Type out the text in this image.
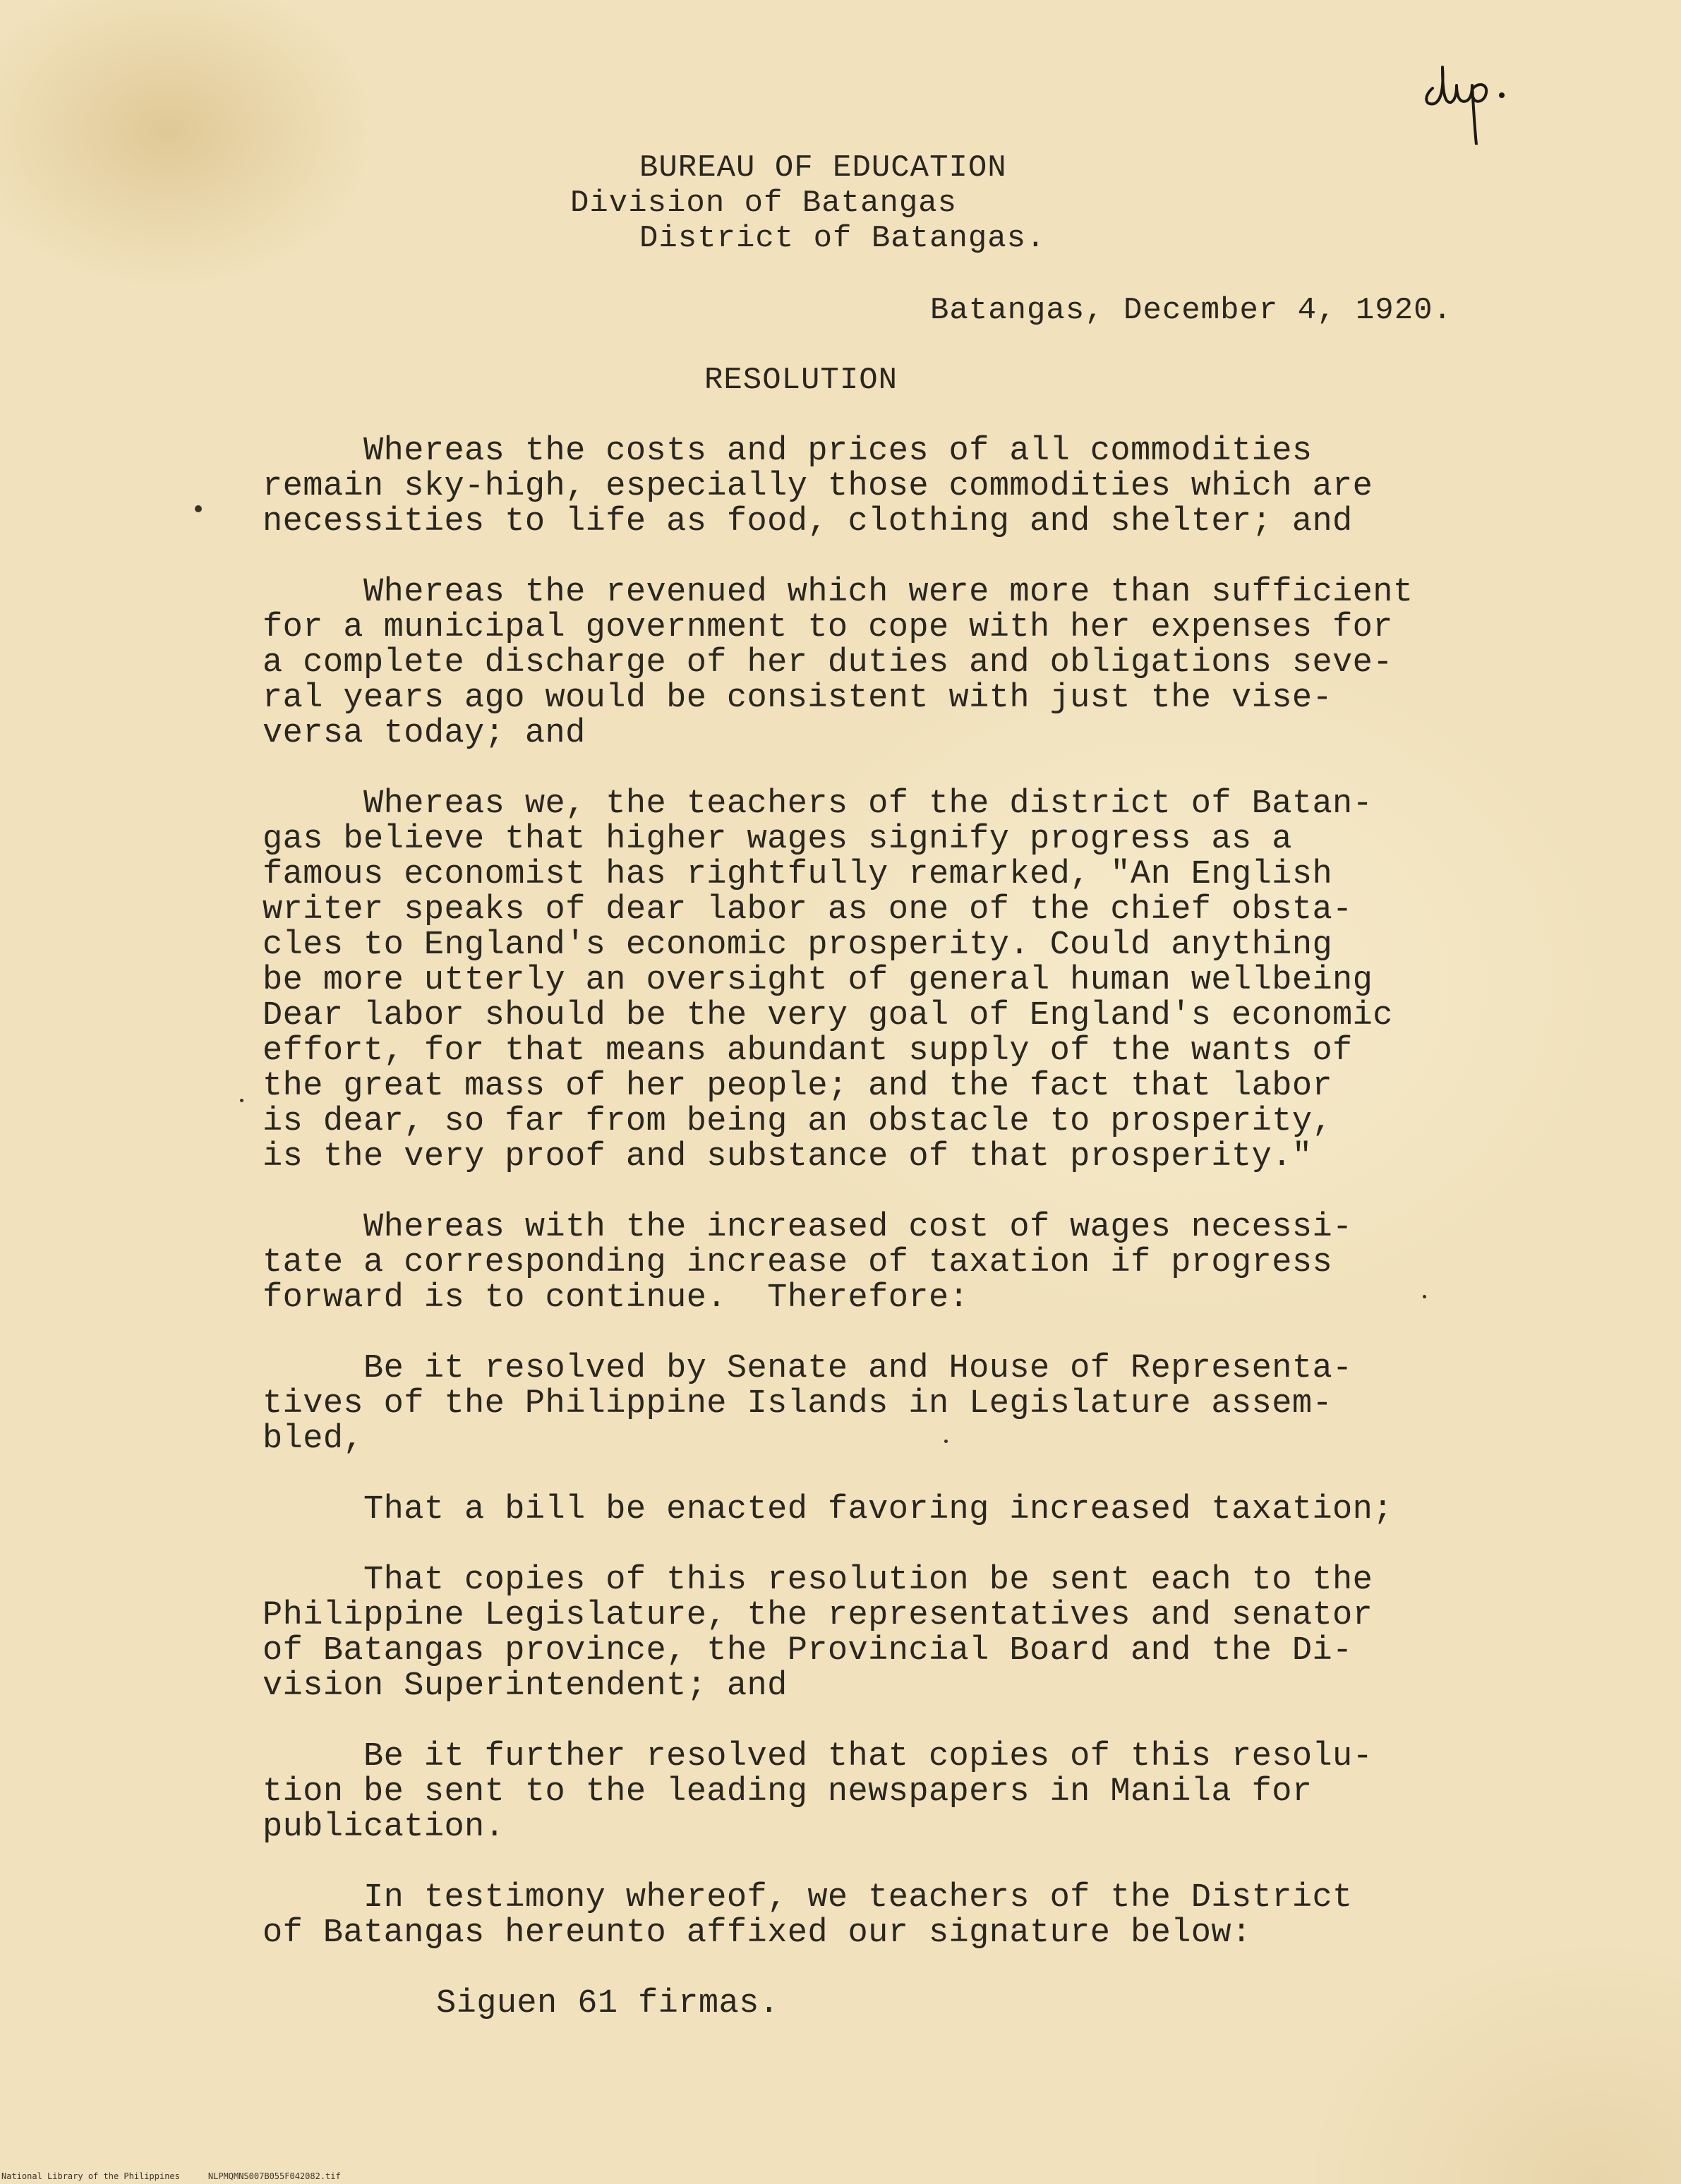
BUREAU OF EDUCATION
Division of Batangas
District of Batangas.
Batangas, December 4, 1920.
RESOLUTION
Whereas the costs and prices of all commodities
remain sky-high, especially those commodities which are
necessities to life as food, clothing and shelter; and
Whereas the revenued which were more than sufficient
for a municipal government to cope with her expenses for
a complete discharge of her duties and obligations seve-
ral years ago would be consistent with just the vise-
versa today; and
Whereas we, the teachers of the district of Batan-
gas believe that higher wages signify progress as a
famous economist has rightfully remarked, "An English
writer speaks of dear labor as one of the chief obsta-
cles to England's economic prosperity. Could anything
be more utterly an oversight of general human wellbeing
Dear labor should be the very goal of England's economic
effort, for that means abundant supply of the wants of
the great mass of her people; and the fact that labor
is dear, so far from being an obstacle to prosperity,
is the very proof and substance of that prosperity."
Whereas with the increased cost of wages necessi-
tate a corresponding increase of taxation if progress
forward is to continue.  Therefore:
Be it resolved by Senate and House of Representa-
tives of the Philippine Islands in Legislature assem-
bled,
That a bill be enacted favoring increased taxation;
That copies of this resolution be sent each to the
Philippine Legislature, the representatives and senator
of Batangas province, the Provincial Board and the Di-
vision Superintendent; and
Be it further resolved that copies of this resolu-
tion be sent to the leading newspapers in Manila for
publication.
In testimony whereof, we teachers of the District
of Batangas hereunto affixed our signature below:
Siguen 61 firmas.
National Library of the Philippines	NLPMQMNS007B055F042082.tif
